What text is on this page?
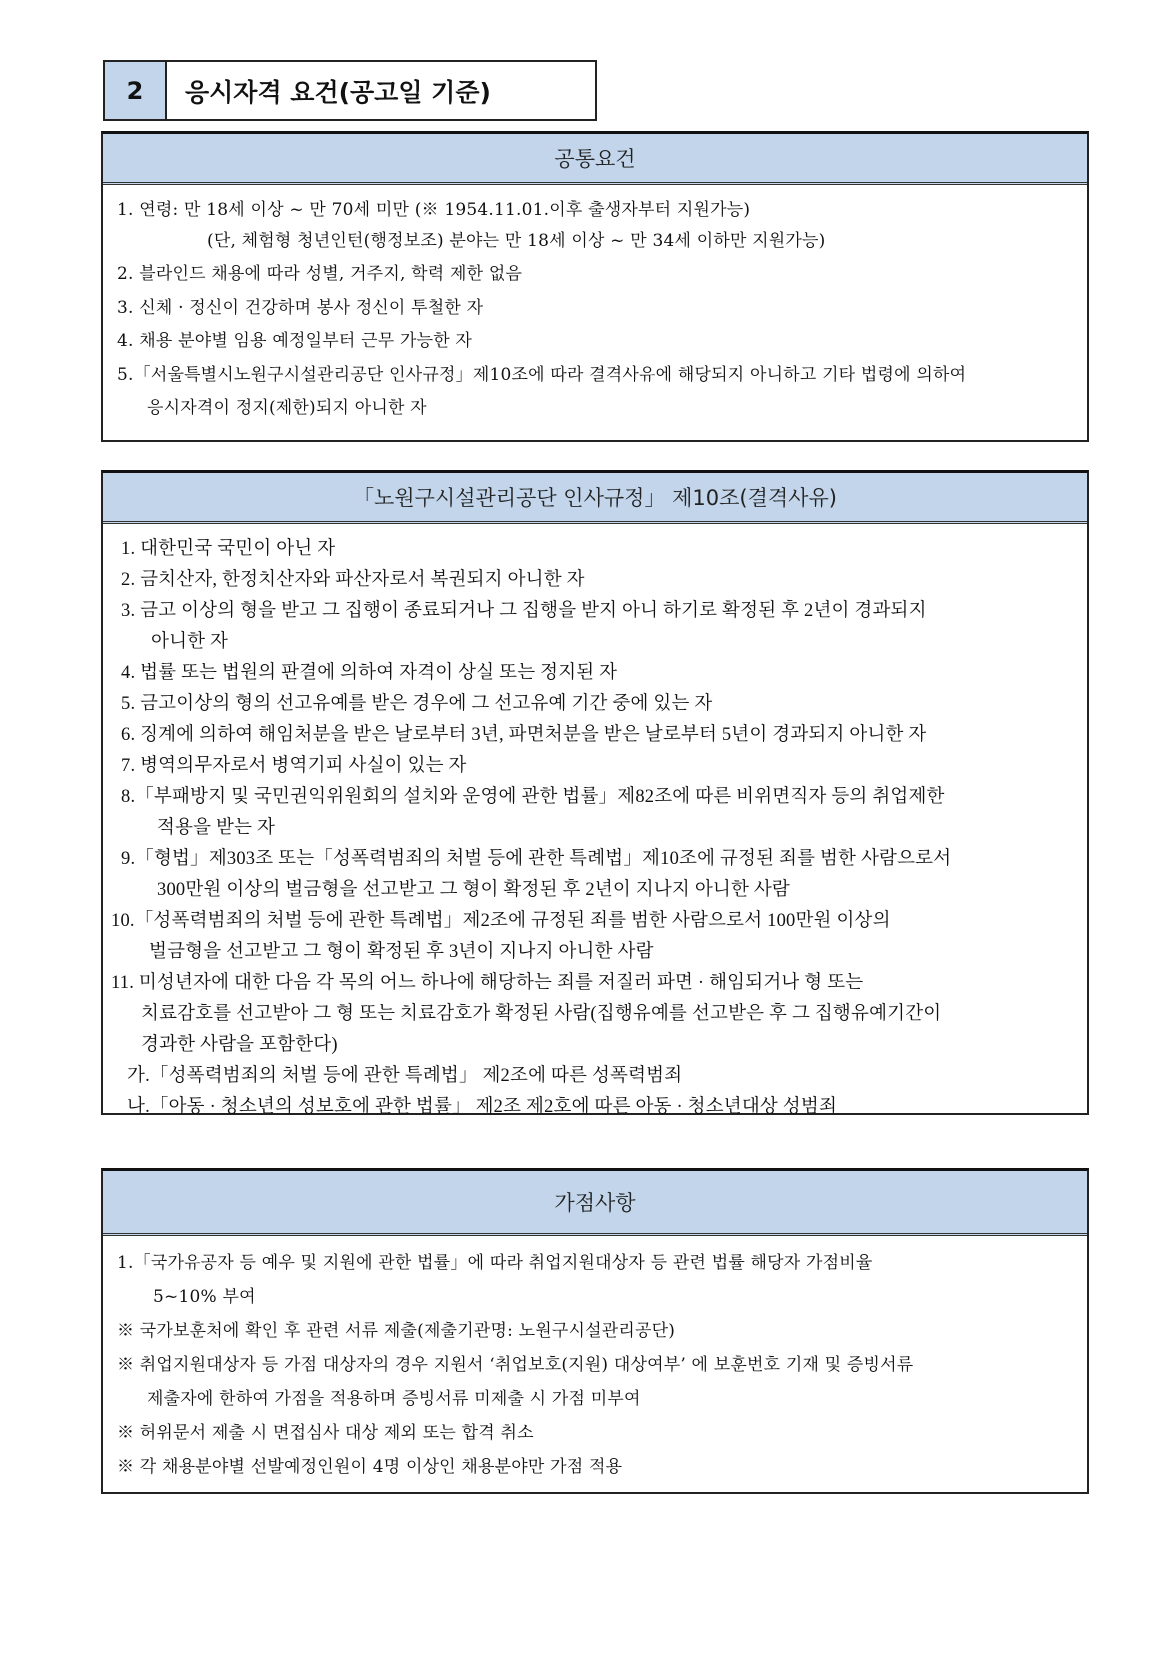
2	응시자격 요건(공고일 기준)
공통요건
1. 연령: 만 18세 이상 ~ 만 70세 미만 (※ 1954.11.01.이후 출생자부터 지원가능)
(단, 체험형 청년인턴(행정보조) 분야는 만 18세 이상 ~ 만 34세 이하만 지원가능)
2. 블라인드 채용에 따라 성별, 거주지, 학력 제한 없음
3. 신체 · 정신이 건강하며 봉사 정신이 투철한 자
4. 채용 분야별 임용 예정일부터 근무 가능한 자
5.「서울특별시노원구시설관리공단 인사규정」제10조에 따라 결격사유에 해당되지 아니하고 기타 법령에 의하여
응시자격이 정지(제한)되지 아니한 자
「노원구시설관리공단 인사규정」 제10조(결격사유)
1. 대한민국 국민이 아닌 자
2. 금치산자, 한정치산자와 파산자로서 복권되지 아니한 자
3. 금고 이상의 형을 받고 그 집행이 종료되거나 그 집행을 받지 아니 하기로 확정된 후 2년이 경과되지
아니한 자
4. 법률 또는 법원의 판결에 의하여 자격이 상실 또는 정지된 자
5. 금고이상의 형의 선고유예를 받은 경우에 그 선고유예 기간 중에 있는 자
6. 징계에 의하여 해임처분을 받은 날로부터 3년, 파면처분을 받은 날로부터 5년이 경과되지 아니한 자
7. 병역의무자로서 병역기피 사실이 있는 자
8.「부패방지 및 국민권익위원회의 설치와 운영에 관한 법률」제82조에 따른 비위면직자 등의 취업제한
적용을 받는 자
9.「형법」제303조 또는「성폭력범죄의 처벌 등에 관한 특례법」제10조에 규정된 죄를 범한 사람으로서
300만원 이상의 벌금형을 선고받고 그 형이 확정된 후 2년이 지나지 아니한 사람
10.「성폭력범죄의 처벌 등에 관한 특례법」제2조에 규정된 죄를 범한 사람으로서 100만원 이상의
벌금형을 선고받고 그 형이 확정된 후 3년이 지나지 아니한 사람
11. 미성년자에 대한 다음 각 목의 어느 하나에 해당하는 죄를 저질러 파면 · 해임되거나 형 또는
치료감호를 선고받아 그 형 또는 치료감호가 확정된 사람(집행유예를 선고받은 후 그 집행유예기간이
경과한 사람을 포함한다)
가.「성폭력범죄의 처벌 등에 관한 특례법」 제2조에 따른 성폭력범죄
나.「아동 · 청소년의 성보호에 관한 법률」 제2조 제2호에 따른 아동 · 청소년대상 성범죄
가점사항
1.「국가유공자 등 예우 및 지원에 관한 법률」에 따라 취업지원대상자 등 관련 법률 해당자 가점비율
5~10% 부여
※ 국가보훈처에 확인 후 관련 서류 제출(제출기관명: 노원구시설관리공단)
※ 취업지원대상자 등 가점 대상자의 경우 지원서 ‘취업보호(지원) 대상여부’ 에 보훈번호 기재 및 증빙서류
제출자에 한하여 가점을 적용하며 증빙서류 미제출 시 가점 미부여
※ 허위문서 제출 시 면접심사 대상 제외 또는 합격 취소
※ 각 채용분야별 선발예정인원이 4명 이상인 채용분야만 가점 적용
